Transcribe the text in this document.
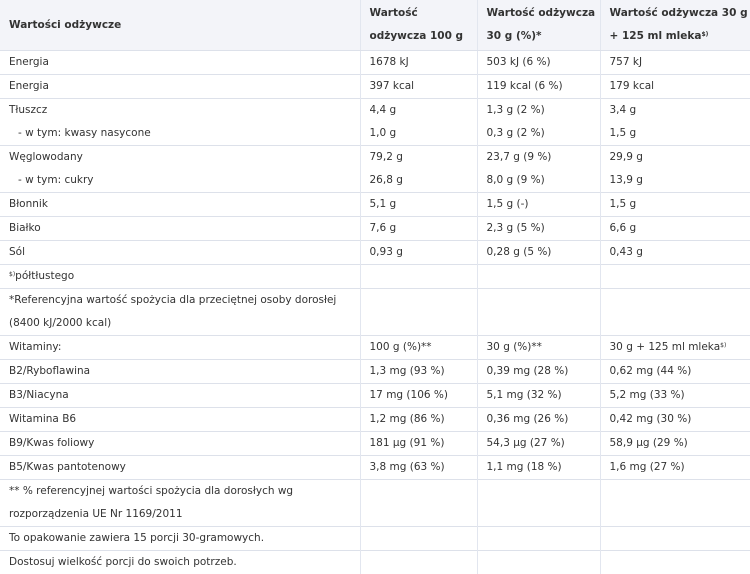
Wartości odżywcze	Wartość odżywcza 100 g	Wartość odżywcza 30 g (%)*	Wartość odżywcza 30 g + 125 ml mleka$)
Energia	1678 kJ	503 kJ (6 %)	757 kJ
Energia	397 kcal	119 kcal (6 %)	179 kcal
Tłuszcz	4,4 g	1,3 g (2 %)	3,4 g
- w tym: kwasy nasycone	1,0 g	0,3 g (2 %)	1,5 g
Węglowodany	79,2 g	23,7 g (9 %)	29,9 g
- w tym: cukry	26,8 g	8,0 g (9 %)	13,9 g
Błonnik	5,1 g	1,5 g (-)	1,5 g
Białko	7,6 g	2,3 g (5 %)	6,6 g
Sól	0,93 g	0,28 g (5 %)	0,43 g
$)półtłustego			
*Referencyjna wartość spożycia dla przeciętnej osoby dorosłej (8400 kJ/2000 kcal)			
Witaminy:	100 g (%)**	30 g (%)**	30 g + 125 ml mleka$)
B2/Ryboflawina	1,3 mg (93 %)	0,39 mg (28 %)	0,62 mg (44 %)
B3/Niacyna	17 mg (106 %)	5,1 mg (32 %)	5,2 mg (33 %)
Witamina B6	1,2 mg (86 %)	0,36 mg (26 %)	0,42 mg (30 %)
B9/Kwas foliowy	181 µg (91 %)	54,3 µg (27 %)	58,9 µg (29 %)
B5/Kwas pantotenowy	3,8 mg (63 %)	1,1 mg (18 %)	1,6 mg (27 %)
** % referencyjnej wartości spożycia dla dorosłych wg rozporządzenia UE Nr 1169/2011			
To opakowanie zawiera 15 porcji 30-gramowych.			
Dostosuj wielkość porcji do swoich potrzeb.			
